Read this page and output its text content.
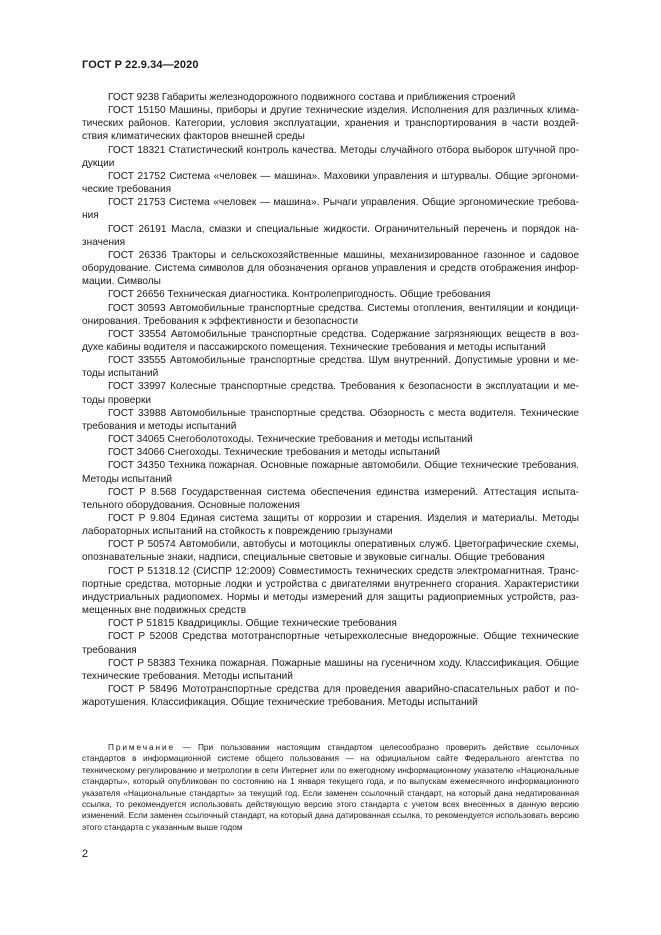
ГОСТ Р 22.9.34—2020

ГОСТ 9238 Габариты железнодорожного подвижного состава и приближения строений
ГОСТ 15150 Машины, приборы и другие технические изделия. Исполнения для различных климатических районов. Категории, условия эксплуатации, хранения и транспортирования в части воздействия климатических факторов внешней среды
ГОСТ 18321 Статистический контроль качества. Методы случайного отбора выборок штучной продукции
ГОСТ 21752 Система «человек — машина». Маховики управления и штурвалы. Общие эргономические требования
ГОСТ 21753 Система «человек — машина». Рычаги управления. Общие эргономические требования
ГОСТ 26191 Масла, смазки и специальные жидкости. Ограничительный перечень и порядок назначения
ГОСТ 26336 Тракторы и сельскохозяйственные машины, механизированное газонное и садовое оборудование. Система символов для обозначения органов управления и средств отображения информации. Символы
ГОСТ 26656 Техническая диагностика. Контролепригодность. Общие требования
ГОСТ 30593 Автомобильные транспортные средства. Системы отопления, вентиляции и кондиционирования. Требования к эффективности и безопасности
ГОСТ 33554 Автомобильные транспортные средства. Содержание загрязняющих веществ в воздухе кабины водителя и пассажирского помещения. Технические требования и методы испытаний
ГОСТ 33555 Автомобильные транспортные средства. Шум внутренний. Допустимые уровни и методы испытаний
ГОСТ 33997 Колесные транспортные средства. Требования к безопасности в эксплуатации и методы проверки
ГОСТ 33988 Автомобильные транспортные средства. Обзорность с места водителя. Технические требования и методы испытаний
ГОСТ 34065 Снегоболотоходы. Технические требования и методы испытаний
ГОСТ 34066 Снегоходы. Технические требования и методы испытаний
ГОСТ 34350 Техника пожарная. Основные пожарные автомобили. Общие технические требования. Методы испытаний
ГОСТ Р 8.568 Государственная система обеспечения единства измерений. Аттестация испытательного оборудования. Основные положения
ГОСТ Р 9.804 Единая система защиты от коррозии и старения. Изделия и материалы. Методы лабораторных испытаний на стойкость к повреждению грызунами
ГОСТ Р 50574 Автомобили, автобусы и мотоциклы оперативных служб. Цветографические схемы, опознавательные знаки, надписи, специальные световые и звуковые сигналы. Общие требования
ГОСТ Р 51318.12 (СИСПР 12:2009) Совместимость технических средств электромагнитная. Транспортные средства, моторные лодки и устройства с двигателями внутреннего сгорания. Характеристики индустриальных радиопомех. Нормы и методы измерений для защиты радиоприемных устройств, размещенных вне подвижных средств
ГОСТ Р 51815 Квадрициклы. Общие технические требования
ГОСТ Р 52008 Средства мототранспортные четырехколесные внедорожные. Общие технические требования
ГОСТ Р 58383 Техника пожарная. Пожарные машины на гусеничном ходу. Классификация. Общие технические требования. Методы испытаний
ГОСТ Р 58496 Мототранспортные средства для проведения аварийно-спасательных работ и пожаротушения. Классификация. Общие технические требования. Методы испытаний

Примечание — При пользовании настоящим стандартом целесообразно проверить действие ссылочных стандартов в информационной системе общего пользования — на официальном сайте Федерального агентства по техническому регулированию и метрологии в сети Интернет или по ежегодному информационному указателю «Национальные стандарты», который опубликован по состоянию на 1 января текущего года, и по выпускам ежемесячного информационного указателя «Национальные стандарты» за текущий год. Если заменен ссылочный стандарт, на который дана недатированная ссылка, то рекомендуется использовать действующую версию этого стандарта с учетом всех внесенных в данную версию изменений. Если заменен ссылочный стандарт, на который дана датированная ссылка, то рекомендуется использовать версию этого стандарта с указанным выше годом

2
